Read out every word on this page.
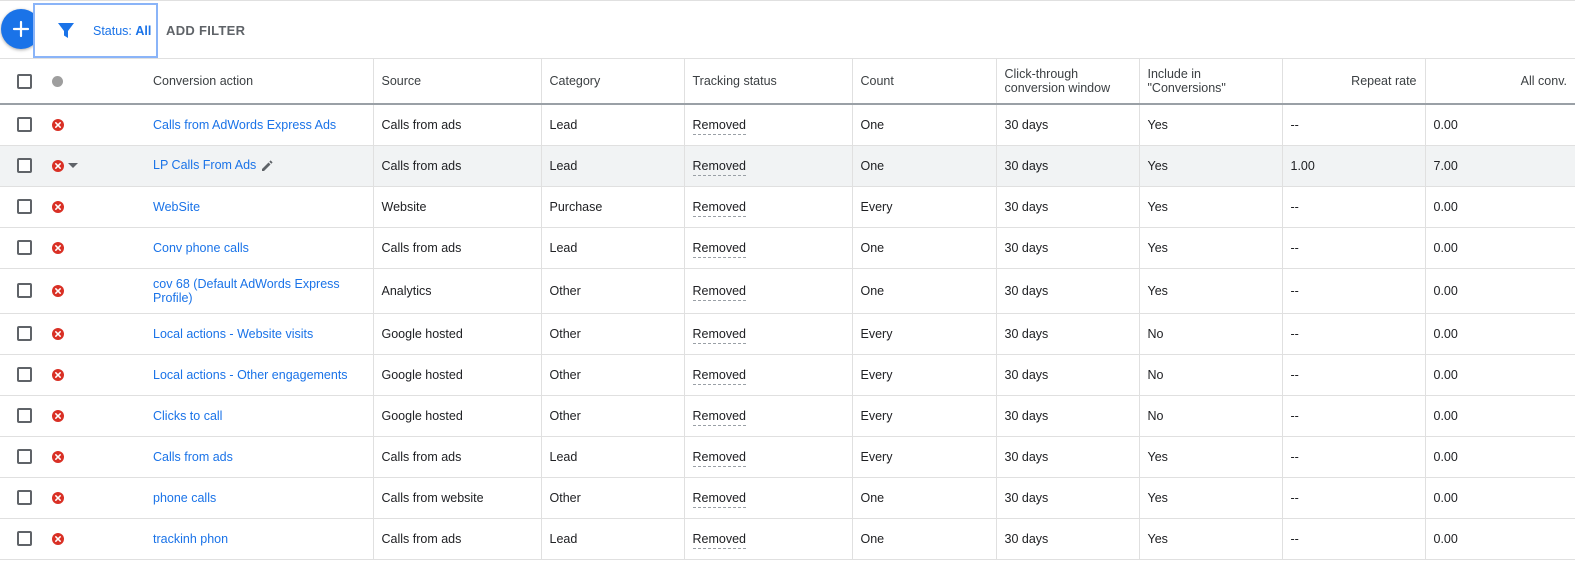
Status: All ADD FILTER

	Conversion action	Source	Category	Tracking status	Count	Click-through conversion window	Include in "Conversions"	Repeat rate	All conv.

	Calls from AdWords Express Ads	Calls from ads	Lead	Removed	One	30 days	Yes	--	0.00

	LP Calls From Ads	Calls from ads	Lead	Removed	One	30 days	Yes	1.00	7.00

	WebSite	Website	Purchase	Removed	Every	30 days	Yes	--	0.00

	Conv phone calls	Calls from ads	Lead	Removed	One	30 days	Yes	--	0.00

	cov 68 (Default AdWords Express Profile)	Analytics	Other	Removed	One	30 days	Yes	--	0.00

	Local actions - Website visits	Google hosted	Other	Removed	Every	30 days	No	--	0.00

	Local actions - Other engagements	Google hosted	Other	Removed	Every	30 days	No	--	0.00

	Clicks to call	Google hosted	Other	Removed	Every	30 days	No	--	0.00

	Calls from ads	Calls from ads	Lead	Removed	Every	30 days	Yes	--	0.00

	phone calls	Calls from website	Other	Removed	One	30 days	Yes	--	0.00

	trackinh phon	Calls from ads	Lead	Removed	One	30 days	Yes	--	0.00
